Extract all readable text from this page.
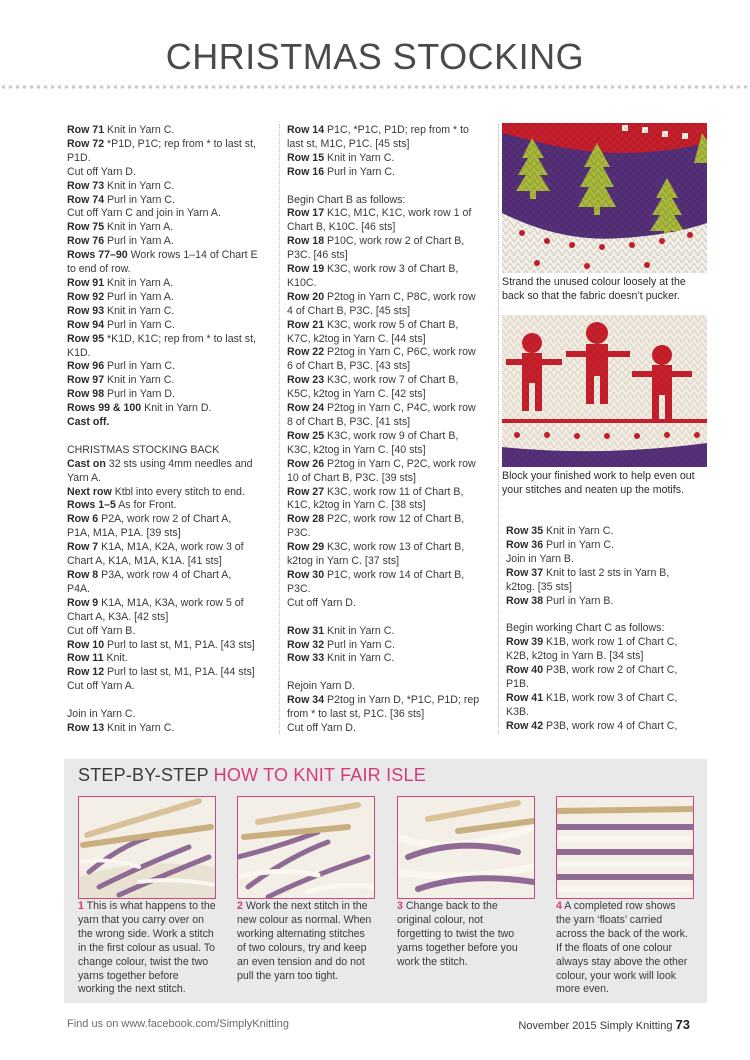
CHRISTMAS STOCKING
Row 71 Knit in Yarn C.
Row 72 *P1D, P1C; rep from * to last st,
P1D.
Cut off Yarn D.
Row 73 Knit in Yarn C.
Row 74 Purl in Yarn C.
Cut off Yarn C and join in Yarn A.
Row 75 Knit in Yarn A.
Row 76 Purl in Yarn A.
Rows 77–90 Work rows 1–14 of Chart E
to end of row.
Row 91 Knit in Yarn A.
Row 92 Purl in Yarn A.
Row 93 Knit in Yarn C.
Row 94 Purl in Yarn C.
Row 95 *K1D, K1C; rep from * to last st,
K1D.
Row 96 Purl in Yarn C.
Row 97 Knit in Yarn C.
Row 98 Purl in Yarn D.
Rows 99 & 100 Knit in Yarn D.
Cast off.
CHRISTMAS STOCKING BACK
Cast on 32 sts using 4mm needles and
Yarn A.
Next row Ktbl into every stitch to end.
Rows 1–5 As for Front.
Row 6 P2A, work row 2 of Chart A,
P1A, M1A, P1A. [39 sts]
Row 7 K1A, M1A, K2A, work row 3 of
Chart A, K1A, M1A, K1A. [41 sts]
Row 8 P3A, work row 4 of Chart A,
P4A.
Row 9 K1A, M1A, K3A, work row 5 of
Chart A, K3A. [42 sts]
Cut off Yarn B.
Row 10 Purl to last st, M1, P1A. [43 sts]
Row 11 Knit.
Row 12 Purl to last st, M1, P1A. [44 sts]
Cut off Yarn A.
Join in Yarn C.
Row 13 Knit in Yarn C.
Row 14 P1C, *P1C, P1D; rep from * to
last st, M1C, P1C. [45 sts]
Row 15 Knit in Yarn C.
Row 16 Purl in Yarn C.
Begin Chart B as follows:
Row 17 K1C, M1C, K1C, work row 1 of
Chart B, K10C. [46 sts]
Row 18 P10C, work row 2 of Chart B,
P3C. [46 sts]
Row 19 K3C, work row 3 of Chart B,
K10C.
Row 20 P2tog in Yarn C, P8C, work row
4 of Chart B, P3C. [45 sts]
Row 21 K3C, work row 5 of Chart B,
K7C, k2tog in Yarn C. [44 sts]
Row 22 P2tog in Yarn C, P6C, work row
6 of Chart B, P3C. [43 sts]
Row 23 K3C, work row 7 of Chart B,
K5C, k2tog in Yarn C. [42 sts]
Row 24 P2tog in Yarn C, P4C, work row
8 of Chart B, P3C. [41 sts]
Row 25 K3C, work row 9 of Chart B,
K3C, k2tog in Yarn C. [40 sts]
Row 26 P2tog in Yarn C, P2C, work row
10 of Chart B, P3C. [39 sts]
Row 27 K3C, work row 11 of Chart B,
K1C, k2tog in Yarn C. [38 sts]
Row 28 P2C, work row 12 of Chart B,
P3C.
Row 29 K3C, work row 13 of Chart B,
k2tog in Yarn C. [37 sts]
Row 30 P1C, work row 14 of Chart B,
P3C.
Cut off Yarn D.
Row 31 Knit in Yarn C.
Row 32 Purl in Yarn C.
Row 33 Knit in Yarn C.
Rejoin Yarn D.
Row 34 P2tog in Yarn D, *P1C, P1D; rep
from * to last st, P1C. [36 sts]
Cut off Yarn D.
Row 35 Knit in Yarn C.
Row 36 Purl in Yarn C.
Join in Yarn B.
Row 37 Knit to last 2 sts in Yarn B,
k2tog. [35 sts]
Row 38 Purl in Yarn B.
Begin working Chart C as follows:
Row 39 K1B, work row 1 of Chart C,
K2B, k2tog in Yarn B. [34 sts]
Row 40 P3B, work row 2 of Chart C,
P1B.
Row 41 K1B, work row 3 of Chart C,
K3B.
Row 42 P3B, work row 4 of Chart C,
Strand the unused colour loosely at the
back so that the fabric doesn’t pucker.
Block your finished work to help even out
your stitches and neaten up the motifs.
STEP-BY-STEP HOW TO KNIT FAIR ISLE
1 This is what happens to the
yarn that you carry over on
the wrong side. Work a stitch
in the first colour as usual. To
change colour, twist the two
yarns together before
working the next stitch.
2 Work the next stitch in the
new colour as normal. When
working alternating stitches
of two colours, try and keep
an even tension and do not
pull the yarn too tight.
3 Change back to the
original colour, not
forgetting to twist the two
yarns together before you
work the stitch.
4 A completed row shows
the yarn ‘floats’ carried
across the back of the work.
If the floats of one colour
always stay above the other
colour, your work will look
more even.
Find us on www.facebook.com/SimplyKnitting	November 2015 Simply Knitting 73
